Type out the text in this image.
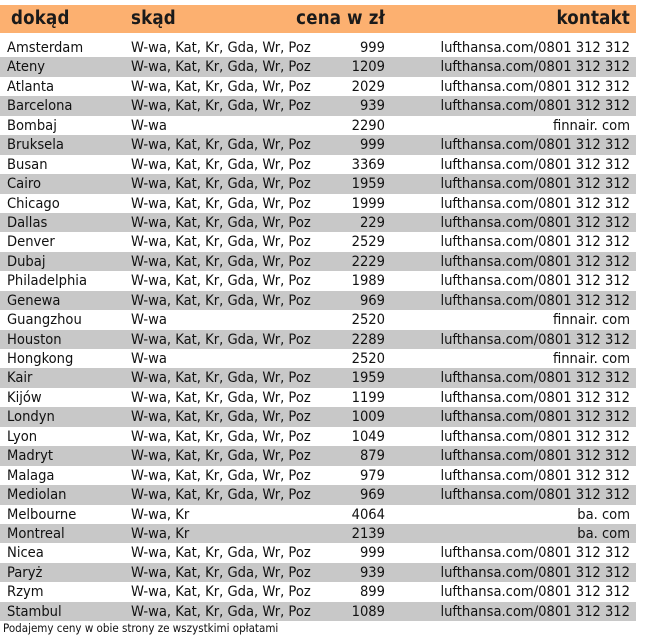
dokąd	skąd	cena w zł	kontakt
Amsterdam	W-wa, Kat, Kr, Gda, Wr, Poz	999	lufthansa.com/0801 312 312
Ateny	W-wa, Kat, Kr, Gda, Wr, Poz	1209	lufthansa.com/0801 312 312
Atlanta	W-wa, Kat, Kr, Gda, Wr, Poz	2029	lufthansa.com/0801 312 312
Barcelona	W-wa, Kat, Kr, Gda, Wr, Poz	939	lufthansa.com/0801 312 312
Bombaj	W-wa	2290	finnair. com
Bruksela	W-wa, Kat, Kr, Gda, Wr, Poz	999	lufthansa.com/0801 312 312
Busan	W-wa, Kat, Kr, Gda, Wr, Poz	3369	lufthansa.com/0801 312 312
Cairo	W-wa, Kat, Kr, Gda, Wr, Poz	1959	lufthansa.com/0801 312 312
Chicago	W-wa, Kat, Kr, Gda, Wr, Poz	1999	lufthansa.com/0801 312 312
Dallas	W-wa, Kat, Kr, Gda, Wr, Poz	229	lufthansa.com/0801 312 312
Denver	W-wa, Kat, Kr, Gda, Wr, Poz	2529	lufthansa.com/0801 312 312
Dubaj	W-wa, Kat, Kr, Gda, Wr, Poz	2229	lufthansa.com/0801 312 312
Philadelphia	W-wa, Kat, Kr, Gda, Wr, Poz	1989	lufthansa.com/0801 312 312
Genewa	W-wa, Kat, Kr, Gda, Wr, Poz	969	lufthansa.com/0801 312 312
Guangzhou	W-wa	2520	finnair. com
Houston	W-wa, Kat, Kr, Gda, Wr, Poz	2289	lufthansa.com/0801 312 312
Hongkong	W-wa	2520	finnair. com
Kair	W-wa, Kat, Kr, Gda, Wr, Poz	1959	lufthansa.com/0801 312 312
Kijów	W-wa, Kat, Kr, Gda, Wr, Poz	1199	lufthansa.com/0801 312 312
Londyn	W-wa, Kat, Kr, Gda, Wr, Poz	1009	lufthansa.com/0801 312 312
Lyon	W-wa, Kat, Kr, Gda, Wr, Poz	1049	lufthansa.com/0801 312 312
Madryt	W-wa, Kat, Kr, Gda, Wr, Poz	879	lufthansa.com/0801 312 312
Malaga	W-wa, Kat, Kr, Gda, Wr, Poz	979	lufthansa.com/0801 312 312
Mediolan	W-wa, Kat, Kr, Gda, Wr, Poz	969	lufthansa.com/0801 312 312
Melbourne	W-wa, Kr	4064	ba. com
Montreal	W-wa, Kr	2139	ba. com
Nicea	W-wa, Kat, Kr, Gda, Wr, Poz	999	lufthansa.com/0801 312 312
Paryż	W-wa, Kat, Kr, Gda, Wr, Poz	939	lufthansa.com/0801 312 312
Rzym	W-wa, Kat, Kr, Gda, Wr, Poz	899	lufthansa.com/0801 312 312
Stambul	W-wa, Kat, Kr, Gda, Wr, Poz	1089	lufthansa.com/0801 312 312
Podajemy ceny w obie strony ze wszystkimi opłatami
